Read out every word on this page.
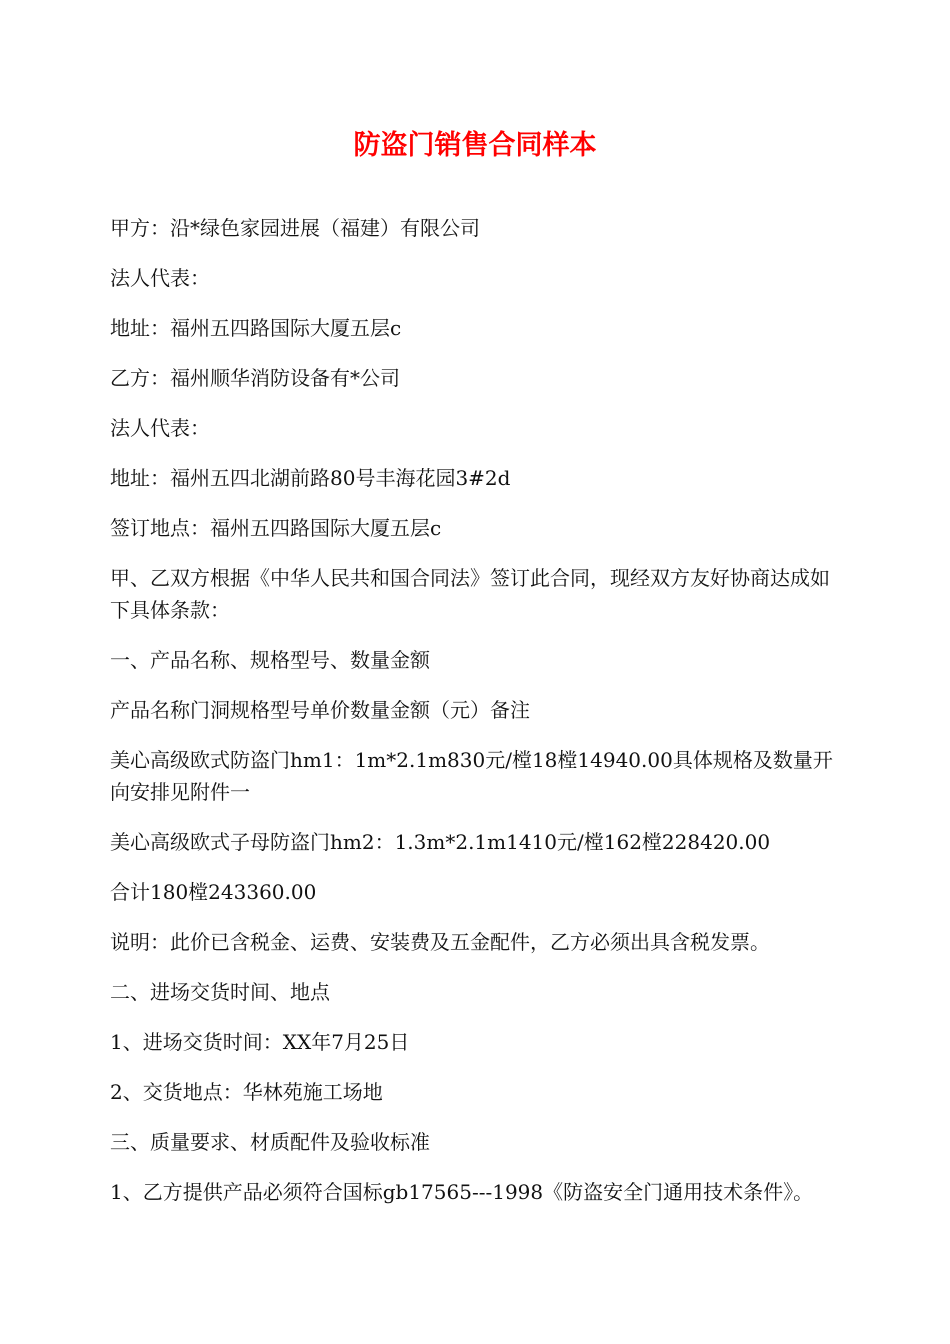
防盗门销售合同样本

甲方：沿*绿色家园进展（福建）有限公司

法人代表：

地址：福州五四路国际大厦五层c

乙方：福州顺华消防设备有*公司

法人代表：

地址：福州五四北湖前路80号丰海花园3#2d

签订地点：福州五四路国际大厦五层c

甲、乙双方根据《中华人民共和国合同法》签订此合同，现经双方友好协商达成如下具体条款：

一、产品名称、规格型号、数量金额

产品名称门洞规格型号单价数量金额（元）备注

美心高级欧式防盗门hm1：1m*2.1m830元/樘18樘14940.00具体规格及数量开向安排见附件一

美心高级欧式子母防盗门hm2：1.3m*2.1m1410元/樘162樘228420.00

合计180樘243360.00

说明：此价已含税金、运费、安装费及五金配件，乙方必须出具含税发票。

二、进场交货时间、地点

1、进场交货时间：XX年7月25日

2、交货地点：华林苑施工场地

三、质量要求、材质配件及验收标准

1、乙方提供产品必须符合国标gb17565---1998《防盗安全门通用技术条件》。
